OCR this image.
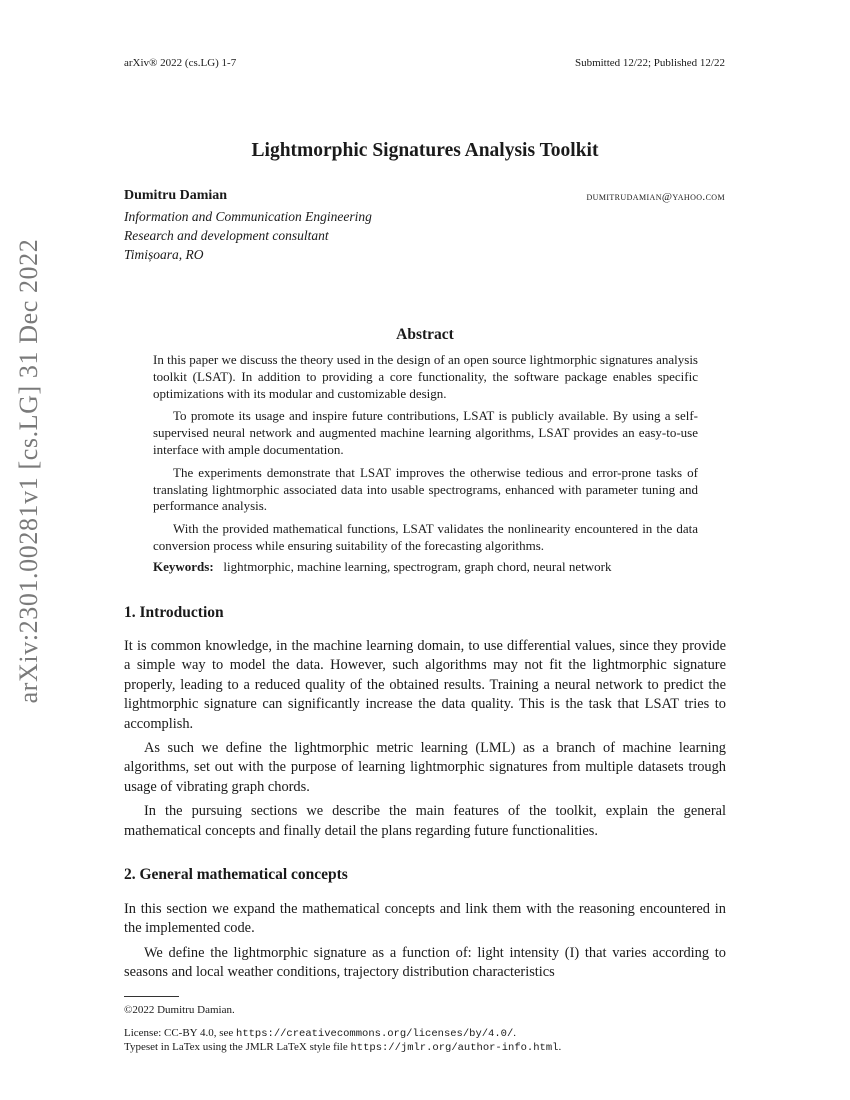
arXiv® 2022 (cs.LG) 1-7	Submitted 12/22; Published 12/22
arXiv:2301.00281v1 [cs.LG] 31 Dec 2022
Lightmorphic Signatures Analysis Toolkit
Dumitru Damian	dumitrudamian@yahoo.com
Information and Communication Engineering
Research and development consultant
Timișoara, RO
Abstract

In this paper we discuss the theory used in the design of an open source lightmorphic signatures analysis toolkit (LSAT). In addition to providing a core functionality, the software package enables specific optimizations with its modular and customizable design.

To promote its usage and inspire future contributions, LSAT is publicly available. By using a self-supervised neural network and augmented machine learning algorithms, LSAT provides an easy-to-use interface with ample documentation.

The experiments demonstrate that LSAT improves the otherwise tedious and error-prone tasks of translating lightmorphic associated data into usable spectrograms, enhanced with parameter tuning and performance analysis.

With the provided mathematical functions, LSAT validates the nonlinearity encountered in the data conversion process while ensuring suitability of the forecasting algorithms.

Keywords: lightmorphic, machine learning, spectrogram, graph chord, neural network
1. Introduction

It is common knowledge, in the machine learning domain, to use differential values, since they provide a simple way to model the data. However, such algorithms may not fit the lightmorphic signature properly, leading to a reduced quality of the obtained results. Training a neural network to predict the lightmorphic signature can significantly increase the data quality. This is the task that LSAT tries to accomplish.

As such we define the lightmorphic metric learning (LML) as a branch of machine learning algorithms, set out with the purpose of learning lightmorphic signatures from multiple datasets trough usage of vibrating graph chords.

In the pursuing sections we describe the main features of the toolkit, explain the general mathematical concepts and finally detail the plans regarding future functionalities.

2. General mathematical concepts

In this section we expand the mathematical concepts and link them with the reasoning encountered in the implemented code.

We define the lightmorphic signature as a function of: light intensity (I) that varies according to seasons and local weather conditions, trajectory distribution characteristics

©2022 Dumitru Damian.
License: CC-BY 4.0, see https://creativecommons.org/licenses/by/4.0/.
Typeset in LaTex using the JMLR LaTeX style file https://jmlr.org/author-info.html.
